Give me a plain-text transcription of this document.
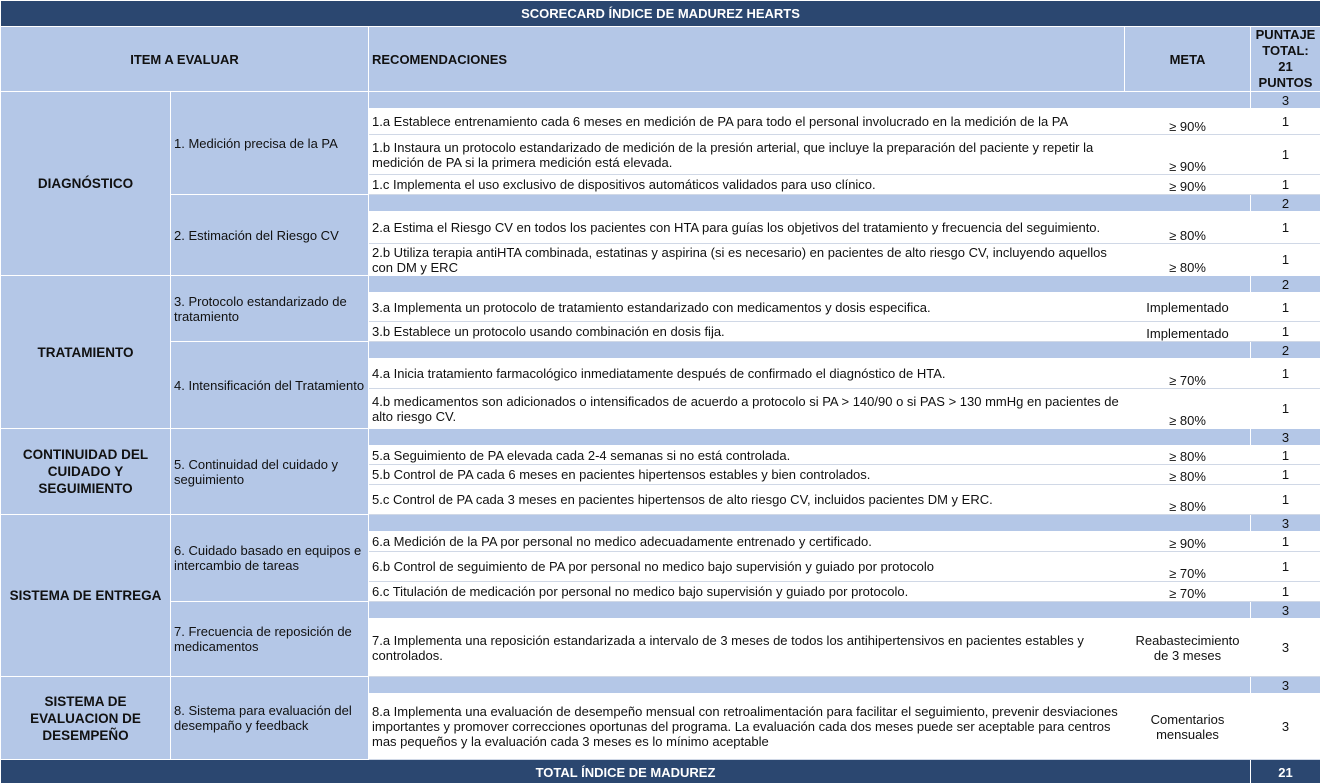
SCORECARD ÍNDICE DE MADUREZ HEARTS				
ITEM A EVALUAR		RECOMENDACIONES	META	PUNTAJE TOTAL: 21 PUNTOS
DIAGNÓSTICO	1. Medición precisa de la PA			3
		1.a Establece entrenamiento cada 6 meses en medición de PA para todo el personal involucrado en la medición de la PA	≥ 90%	1
		1.b Instaura un protocolo estandarizado de medición de la presión arterial, que incluye la preparación del paciente y repetir la medición de PA si la primera medición está elevada.	≥ 90%	1
		1.c Implementa el uso exclusivo de dispositivos automáticos validados para uso clínico.	≥ 90%	1
	2. Estimación del Riesgo CV			2
		2.a Estima el Riesgo CV en todos los pacientes con HTA para guías los objetivos del tratamiento y frecuencia del seguimiento.	≥ 80%	1
		2.b Utiliza terapia antiHTA combinada, estatinas y aspirina (si es necesario) en pacientes de alto riesgo CV, incluyendo aquellos con DM y ERC	≥ 80%	1

TRATAMIENTO	3. Protocolo estandarizado de tratamiento			2
		3.a Implementa un protocolo de tratamiento estandarizado con medicamentos y dosis especifica.	Implementado	1
		3.b Establece un protocolo usando combinación en dosis fija.	Implementado	1
	4. Intensificación del Tratamiento			2
		4.a Inicia tratamiento farmacológico inmediatamente después de confirmado el diagnóstico de HTA.	≥ 70%	1
		4.b medicamentos son adicionados o intensificados de acuerdo a protocolo si PA > 140/90 o si PAS > 130 mmHg en pacientes de alto riesgo CV.	≥ 80%	1

CONTINUIDAD DEL CUIDADO Y SEGUIMIENTO	5. Continuidad del cuidado y seguimiento			3
		5.a Seguimiento de PA elevada cada 2-4 semanas si no está controlada.	≥ 80%	1
		5.b Control de PA cada 6 meses en pacientes hipertensos estables y bien controlados.	≥ 80%	1
		5.c Control de PA cada 3 meses en pacientes hipertensos de alto riesgo CV, incluidos pacientes DM y ERC.	≥ 80%	1
SISTEMA DE ENTREGA	6. Cuidado basado en equipos e intercambio de tareas			3
		6.a Medición de la PA por personal no medico adecuadamente entrenado y certificado.	≥ 90%	1
		6.b Control de seguimiento de PA por personal no medico bajo supervisión y guiado por protocolo	≥ 70%	1
		6.c Titulación de medicación por personal no medico bajo supervisión y guiado por protocolo.	≥ 70%	1
	7. Frecuencia de reposición de medicamentos			3
		7.a Implementa una reposición estandarizada a intervalo de 3 meses de todos los antihipertensivos en pacientes estables y controlados.	Reabastecimiento de 3 meses	3
SISTEMA DE EVALUACION DE DESEMPEÑO	8. Sistema para evaluación del desempaño y feedback			3
		8.a Implementa una evaluación de desempeño mensual con retroalimentación para facilitar el seguimiento, prevenir desviaciones importantes y promover correcciones oportunas del programa. La evaluación cada dos meses puede ser aceptable para centros mas pequeños y la evaluación cada 3 meses es lo mínimo aceptable	Comentarios mensuales	3
TOTAL ÍNDICE DE MADUREZ				21
